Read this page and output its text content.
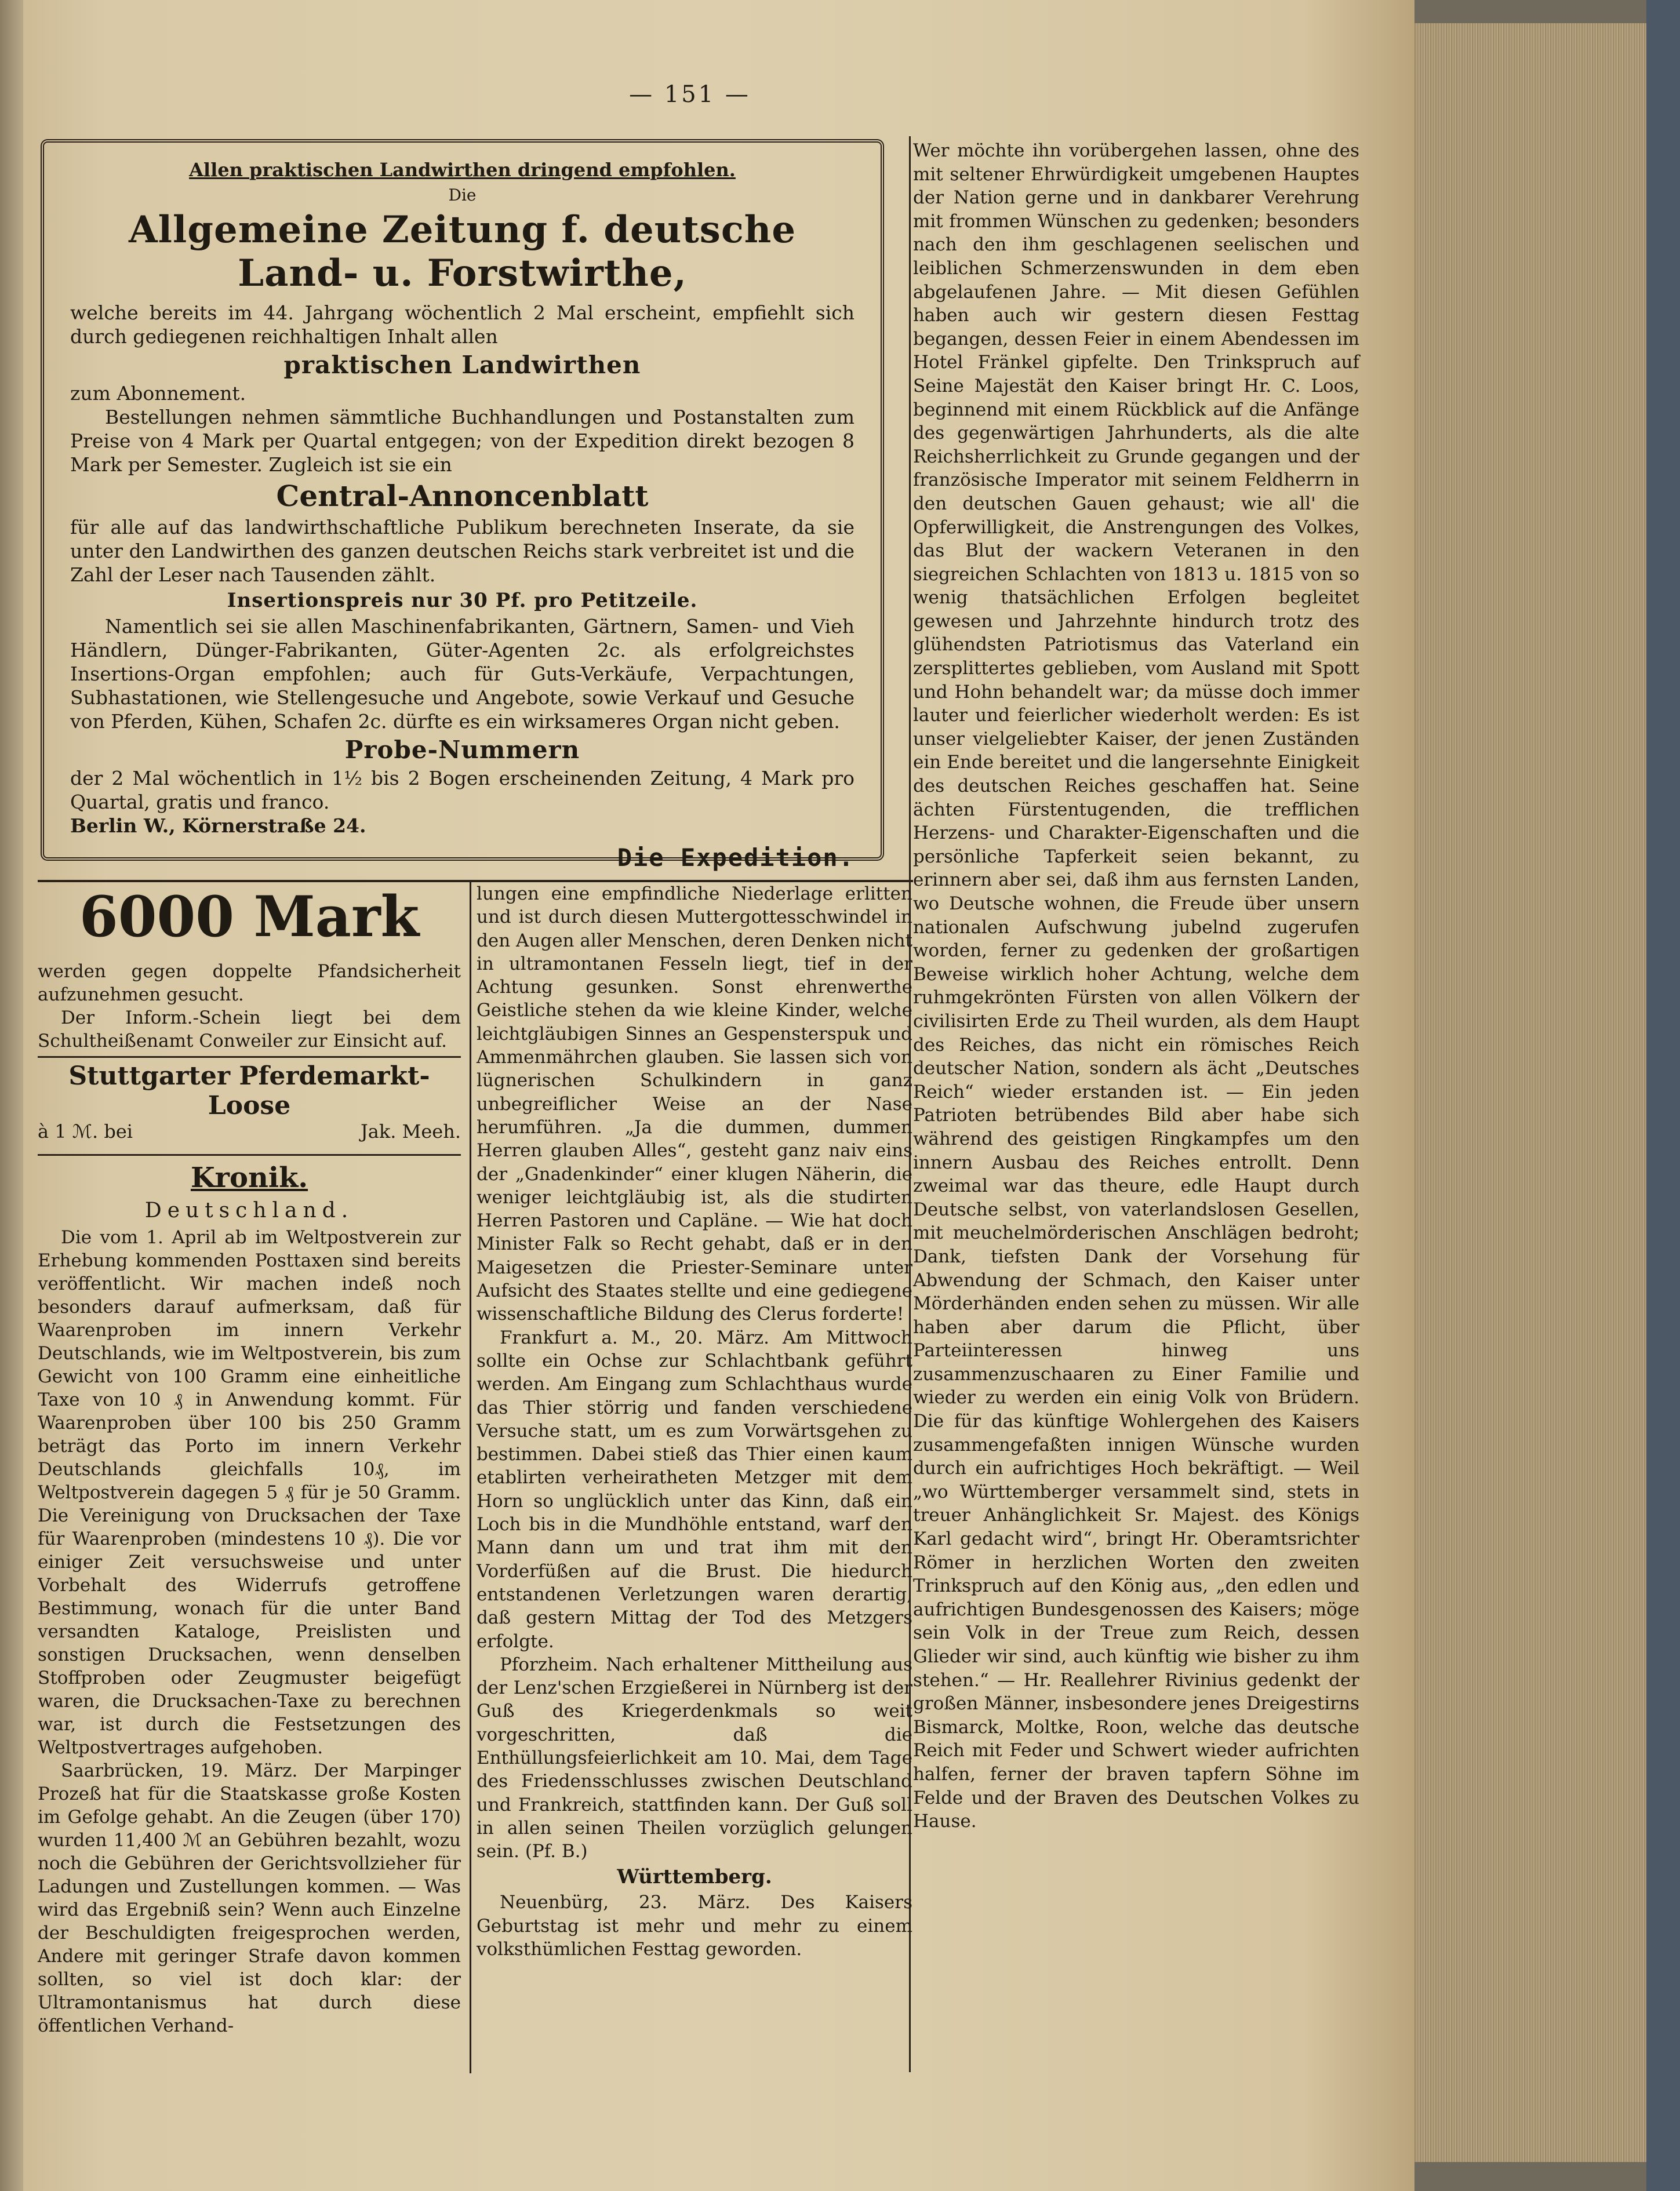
— 151 —
Allen praktischen Landwirthen dringend empfohlen.
Die
Allgemeine Zeitung f. deutsche Land- u. Forstwirthe,

welche bereits im 44. Jahrgang wöchentlich 2 Mal erscheint, empfiehlt sich durch gediegenen reichhaltigen Inhalt allen

praktischen Landwirthen

zum Abonnement.

Bestellungen nehmen sämmtliche Buchhandlungen und Postanstalten zum Preise von 4 Mark per Quartal entgegen; von der Expedition direkt bezogen 8 Mark per Semester. Zugleich ist sie ein

Central-Annoncenblatt

für alle auf das landwirthschaftliche Publikum berechneten Inserate, da sie unter den Landwirthen des ganzen deutschen Reichs stark verbreitet ist und die Zahl der Leser nach Tausenden zählt.

Insertionspreis nur 30 Pf. pro Petitzeile.

Namentlich sei sie allen Maschinenfabrikanten, Gärtnern, Samen- und Vieh Händlern, Dünger-Fabrikanten, Güter-Agenten 2c. als erfolgreichstes Insertions-Organ empfohlen; auch für Guts-Verkäufe, Verpachtungen, Subhastationen, wie Stellengesuche und Angebote, sowie Verkauf und Gesuche von Pferden, Kühen, Schafen 2c. dürfte es ein wirksameres Organ nicht geben.

Probe-Nummern

der 2 Mal wöchentlich in 1½ bis 2 Bogen erscheinenden Zeitung, 4 Mark pro Quartal, gratis und franco.

Berlin W., Körnerstraße 24.

Die Expedition.
6000 Mark

werden gegen doppelte Pfandsicherheit aufzunehmen gesucht.

Der Inform.-Schein liegt bei dem Schultheißenamt Conweiler zur Einsicht auf.

Stuttgarter Pferdemarkt-Loose
à 1 ℳ. bei	Jak. Meeh.
Kronik.
Deutschland.

Die vom 1. April ab im Weltpostverein zur Erhebung kommenden Posttaxen sind bereits veröffentlicht. Wir machen indeß noch besonders darauf aufmerksam, daß für Waarenproben im innern Verkehr Deutschlands, wie im Weltpostverein, bis zum Gewicht von 100 Gramm eine einheitliche Taxe von 10 ₰ in Anwendung kommt. Für Waarenproben über 100 bis 250 Gramm beträgt das Porto im innern Verkehr Deutschlands gleichfalls 10₰, im Weltpostverein dagegen 5 ₰ für je 50 Gramm. Die Vereinigung von Drucksachen der Taxe für Waarenproben (mindestens 10 ₰). Die vor einiger Zeit versuchsweise und unter Vorbehalt des Widerrufs getroffene Bestimmung, wonach für die unter Band versandten Kataloge, Preislisten und sonstigen Drucksachen, wenn denselben Stoffproben oder Zeugmuster beigefügt waren, die Drucksachen-Taxe zu berechnen war, ist durch die Festsetzungen des Weltpostvertrages aufgehoben.

Saarbrücken, 19. März. Der Marpinger Prozeß hat für die Staatskasse große Kosten im Gefolge gehabt. An die Zeugen (über 170) wurden 11,400 ℳ an Gebühren bezahlt, wozu noch die Gebühren der Gerichtsvollzieher für Ladungen und Zustellungen kommen. — Was wird das Ergebniß sein? Wenn auch Einzelne der Beschuldigten freigesprochen werden, Andere mit geringer Strafe davon kommen sollten, so viel ist doch klar: der Ultramontanismus hat durch diese öffentlichen Verhand-

lungen eine empfindliche Niederlage erlitten und ist durch diesen Muttergottesschwindel in den Augen aller Menschen, deren Denken nicht in ultramontanen Fesseln liegt, tief in der Achtung gesunken. Sonst ehrenwerthe Geistliche stehen da wie kleine Kinder, welche leichtgläubigen Sinnes an Gespensterspuk und Ammenmährchen glauben. Sie lassen sich von lügnerischen Schulkindern in ganz unbegreiflicher Weise an der Nase herumführen. „Ja die dummen, dummen Herren glauben Alles“, gesteht ganz naiv eins der „Gnadenkinder“ einer klugen Näherin, die weniger leichtgläubig ist, als die studirten Herren Pastoren und Capläne. — Wie hat doch Minister Falk so Recht gehabt, daß er in den Maigesetzen die Priester-Seminare unter Aufsicht des Staates stellte und eine gediegene wissenschaftliche Bildung des Clerus forderte!

Frankfurt a. M., 20. März. Am Mittwoch sollte ein Ochse zur Schlachtbank geführt werden. Am Eingang zum Schlachthaus wurde das Thier störrig und fanden verschiedene Versuche statt, um es zum Vorwärtsgehen zu bestimmen. Dabei stieß das Thier einen kaum etablirten verheiratheten Metzger mit dem Horn so unglücklich unter das Kinn, daß ein Loch bis in die Mundhöhle entstand, warf den Mann dann um und trat ihm mit den Vorderfüßen auf die Brust. Die hiedurch entstandenen Verletzungen waren derartig, daß gestern Mittag der Tod des Metzgers erfolgte.

Pforzheim. Nach erhaltener Mittheilung aus der Lenz'schen Erzgießerei in Nürnberg ist der Guß des Kriegerdenkmals so weit vorgeschritten, daß die Enthüllungsfeierlichkeit am 10. Mai, dem Tage des Friedensschlusses zwischen Deutschland und Frankreich, stattfinden kann. Der Guß soll in allen seinen Theilen vorzüglich gelungen sein. (Pf. B.)

Württemberg.

Neuenbürg, 23. März. Des Kaisers Geburtstag ist mehr und mehr zu einem volksthümlichen Festtag geworden.

Wer möchte ihn vorübergehen lassen, ohne des mit seltener Ehrwürdigkeit umgebenen Hauptes der Nation gerne und in dankbarer Verehrung mit frommen Wünschen zu gedenken; besonders nach den ihm geschlagenen seelischen und leiblichen Schmerzenswunden in dem eben abgelaufenen Jahre. — Mit diesen Gefühlen haben auch wir gestern diesen Festtag begangen, dessen Feier in einem Abendessen im Hotel Fränkel gipfelte. Den Trinkspruch auf Seine Majestät den Kaiser bringt Hr. C. Loos, beginnend mit einem Rückblick auf die Anfänge des gegenwärtigen Jahrhunderts, als die alte Reichsherrlichkeit zu Grunde gegangen und der französische Imperator mit seinem Feldherrn in den deutschen Gauen gehaust; wie all' die Opferwilligkeit, die Anstrengungen des Volkes, das Blut der wackern Veteranen in den siegreichen Schlachten von 1813 u. 1815 von so wenig thatsächlichen Erfolgen begleitet gewesen und Jahrzehnte hindurch trotz des glühendsten Patriotismus das Vaterland ein zersplittertes geblieben, vom Ausland mit Spott und Hohn behandelt war; da müsse doch immer lauter und feierlicher wiederholt werden: Es ist unser vielgeliebter Kaiser, der jenen Zuständen ein Ende bereitet und die langersehnte Einigkeit des deutschen Reiches geschaffen hat. Seine ächten Fürstentugenden, die trefflichen Herzens- und Charakter-Eigenschaften und die persönliche Tapferkeit seien bekannt, zu erinnern aber sei, daß ihm aus fernsten Landen, wo Deutsche wohnen, die Freude über unsern nationalen Aufschwung jubelnd zugerufen worden, ferner zu gedenken der großartigen Beweise wirklich hoher Achtung, welche dem ruhmgekrönten Fürsten von allen Völkern der civilisirten Erde zu Theil wurden, als dem Haupt des Reiches, das nicht ein römisches Reich deutscher Nation, sondern als ächt „Deutsches Reich“ wieder erstanden ist. — Ein jeden Patrioten betrübendes Bild aber habe sich während des geistigen Ringkampfes um den innern Ausbau des Reiches entrollt. Denn zweimal war das theure, edle Haupt durch Deutsche selbst, von vaterlandslosen Gesellen, mit meuchelmörderischen Anschlägen bedroht; Dank, tiefsten Dank der Vorsehung für Abwendung der Schmach, den Kaiser unter Mörderhänden enden sehen zu müssen. Wir alle haben aber darum die Pflicht, über Parteiinteressen hinweg uns zusammenzuschaaren zu Einer Familie und wieder zu werden ein einig Volk von Brüdern. Die für das künftige Wohlergehen des Kaisers zusammengefaßten innigen Wünsche wurden durch ein aufrichtiges Hoch bekräftigt. — Weil „wo Württemberger versammelt sind, stets in treuer Anhänglichkeit Sr. Majest. des Königs Karl gedacht wird“, bringt Hr. Oberamtsrichter Römer in herzlichen Worten den zweiten Trinkspruch auf den König aus, „den edlen und aufrichtigen Bundesgenossen des Kaisers; möge sein Volk in der Treue zum Reich, dessen Glieder wir sind, auch künftig wie bisher zu ihm stehen.“ — Hr. Reallehrer Rivinius gedenkt der großen Männer, insbesondere jenes Dreigestirns Bismarck, Moltke, Roon, welche das deutsche Reich mit Feder und Schwert wieder aufrichten halfen, ferner der braven tapfern Söhne im Felde und der Braven des Deutschen Volkes zu Hause.
